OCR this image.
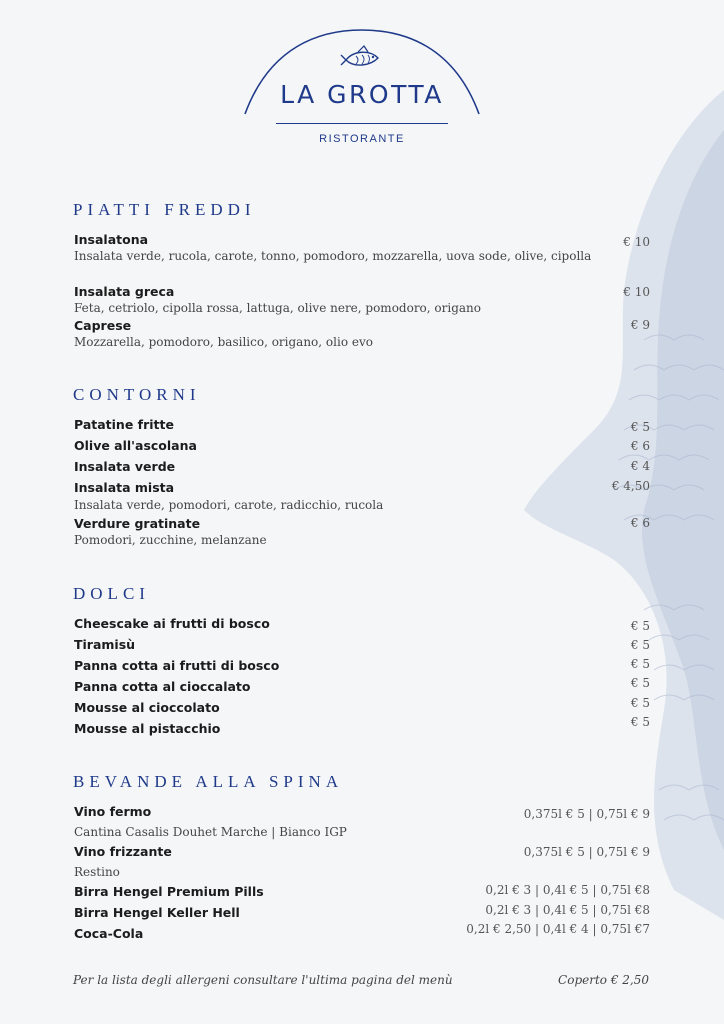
LA GROTTA
RISTORANTE
PIATTI FREDDI
Insalatona	€ 10
Insalata verde, rucola, carote, tonno, pomodoro, mozzarella, uova sode, olive, cipolla
Insalata greca	€ 10
Feta, cetriolo, cipolla rossa, lattuga, olive nere, pomodoro, origano
Caprese	€ 9
Mozzarella, pomodoro, basilico, origano, olio evo
CONTORNI
Patatine fritte	€ 5
Olive all'ascolana	€ 6
Insalata verde	€ 4
Insalata mista	€ 4,50
Insalata verde, pomodori, carote, radicchio, rucola
Verdure gratinate	€ 6
Pomodori, zucchine, melanzane
DOLCI
Cheescake ai frutti di bosco	€ 5
Tiramisù	€ 5
Panna cotta ai frutti di bosco	€ 5
Panna cotta al cioccalato	€ 5
Mousse al cioccolato	€ 5
Mousse al pistacchio	€ 5
BEVANDE ALLA SPINA
Vino fermo	0,375l € 5 | 0,75l € 9
Cantina Casalis Douhet Marche | Bianco IGP
Vino frizzante	0,375l € 5 | 0,75l € 9
Restino
Birra Hengel Premium Pills	0,2l € 3 | 0,4l € 5 | 0,75l €8
Birra Hengel Keller Hell	0,2l € 3 | 0,4l € 5 | 0,75l €8
Coca-Cola	0,2l € 2,50 | 0,4l € 4 | 0,75l €7
Per la lista degli allergeni consultare l'ultima pagina del menù	Coperto € 2,50
